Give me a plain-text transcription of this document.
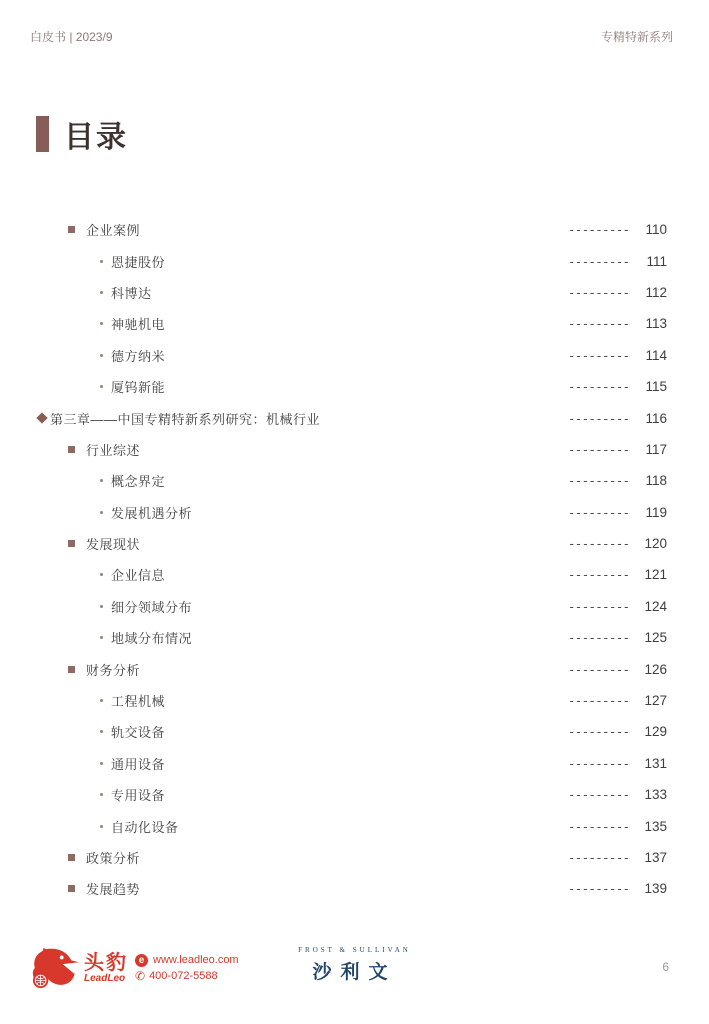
白皮书 | 2023/9	专精特新系列
目录
企业案例	---------	110
恩捷股份	---------	111
科博达	---------	112
神驰机电	---------	113
德方纳米	---------	114
厦钨新能	---------	115
第三章——中国专精特新系列研究：机械行业	---------	116
行业综述	---------	117
概念界定	---------	118
发展机遇分析	---------	119
发展现状	--------- 120
企业信息	--------- 121
细分领域分布	--------- 124
地域分布情况	--------- 125
财务分析	--------- 126
工程机械	--------- 127
轨交设备	--------- 129
通用设备	--------- 131
专用设备	--------- 133
自动化设备	--------- 135
政策分析	--------- 137
发展趋势	--------- 139
头豹
LeadLeo
e www.leadleo.com
✆ 400-072-5588
FROST & SULLIVAN
沙利文	6
